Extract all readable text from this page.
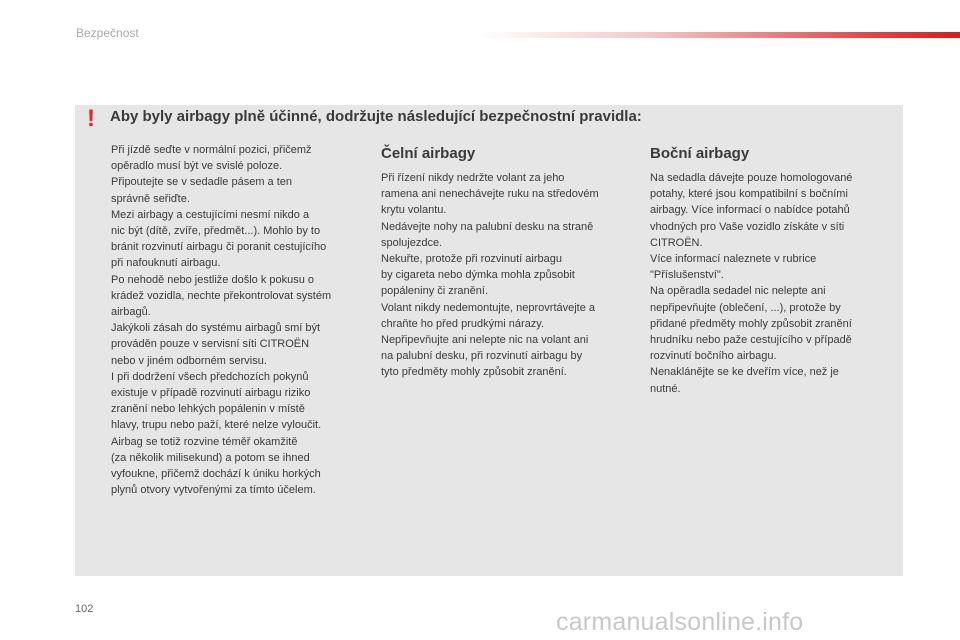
Bezpečnost
! Aby byly airbagy plně účinné, dodržujte následující bezpečnostní pravidla:

Při jízdě seďte v normální pozici, přičemž

opěradlo musí být ve svislé poloze.

Připoutejte se v sedadle pásem a ten

správně seřiďte.

Mezi airbagy a cestujícími nesmí nikdo a

nic být (dítě, zvíře, předmět...). Mohlo by to

bránit rozvinutí airbagu či poranit cestujícího

při nafouknutí airbagu.

Po nehodě nebo jestliže došlo k pokusu o

krádež vozidla, nechte překontrolovat systém

airbagů.

Jakýkoli zásah do systému airbagů smí být

prováděn pouze v servisní síti CITROËN

nebo v jiném odborném servisu.

I při dodržení všech předchozích pokynů

existuje v případě rozvinutí airbagu riziko

zranění nebo lehkých popálenin v místě

hlavy, trupu nebo paží, které nelze vyloučit.

Airbag se totiž rozvine téměř okamžitě

(za několik milisekund) a potom se ihned

vyfoukne, přičemž dochází k úniku horkých

plynů otvory vytvořenými za tímto účelem.

Čelní airbagy

Při řízení nikdy nedržte volant za jeho

ramena ani nenechávejte ruku na středovém

krytu volantu.

Nedávejte nohy na palubní desku na straně

spolujezdce.

Nekuřte, protože při rozvinutí airbagu

by cigareta nebo dýmka mohla způsobit

popáleniny či zranění.

Volant nikdy nedemontujte, neprovrtávejte a

chraňte ho před prudkými nárazy.

Nepřipevňujte ani nelepte nic na volant ani

na palubní desku, při rozvinutí airbagu by

tyto předměty mohly způsobit zranění.

Boční airbagy

Na sedadla dávejte pouze homologované

potahy, které jsou kompatibilní s bočními

airbagy. Více informací o nabídce potahů

vhodných pro Vaše vozidlo získáte v síti

CITROËN.

Více informací naleznete v rubrice

"Příslušenství".

Na opěradla sedadel nic nelepte ani

nepřipevňujte (oblečení, ...), protože by

přidané předměty mohly způsobit zranění

hrudníku nebo paže cestujícího v případě

rozvinutí bočního airbagu.

Nenaklánějte se ke dveřím více, než je

nutné.

102	carmanualsonline.info
